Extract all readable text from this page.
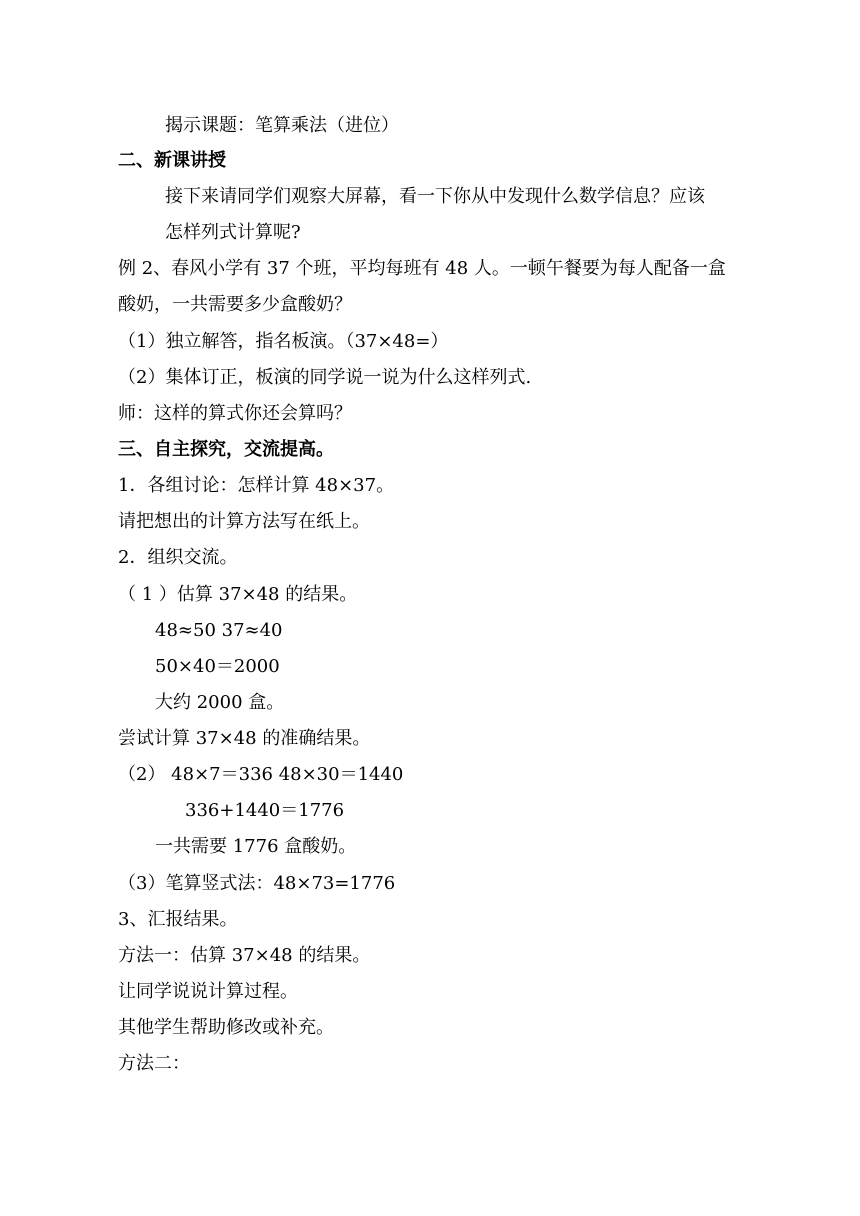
揭示课题：笔算乘法（进位）
二、新课讲授
接下来请同学们观察大屏幕，看一下你从中发现什么数学信息？应该
怎样列式计算呢?
例 2、春风小学有 37 个班，平均每班有 48 人。一顿午餐要为每人配备一盒
酸奶，一共需要多少盒酸奶？
（1）独立解答，指名板演。（37×48=）
（2）集体订正，板演的同学说一说为什么这样列式.
师：这样的算式你还会算吗？
三、自主探究，交流提高。
1．各组讨论：怎样计算 48×37。
请把想出的计算方法写在纸上。
2．组织交流。
（ 1 ）估算 37×48 的结果。
48≈50 37≈40
50×40＝2000
大约 2000 盒。
尝试计算 37×48 的准确结果。
（2） 48×7＝336 48×30＝1440
336+1440＝1776
一共需要 1776 盒酸奶。
（3）笔算竖式法：48×73=1776
3、汇报结果。
方法一：估算 37×48 的结果。
让同学说说计算过程。
其他学生帮助修改或补充。
方法二：
